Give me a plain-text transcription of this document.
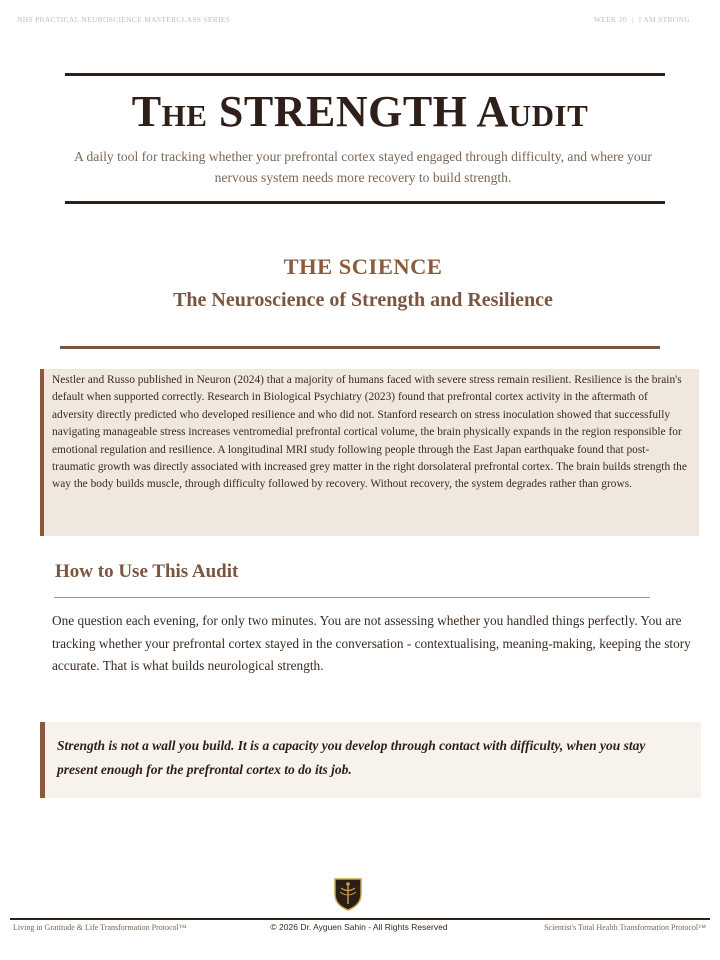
NHS PRACTICAL NEUROSCIENCE MASTERCLASS SERIES	WEEK 20 | I AM STRONG
The STRENGTH Audit

A daily tool for tracking whether your prefrontal cortex stayed engaged through difficulty, and where your nervous system needs more recovery to build strength.

THE SCIENCE
The Neuroscience of Strength and Resilience

Nestler and Russo published in Neuron (2024) that a majority of humans faced with severe stress remain resilient. Resilience is the brain's default when supported correctly. Research in Biological Psychiatry (2023) found that prefrontal cortex activity in the aftermath of adversity directly predicted who developed resilience and who did not. Stanford research on stress inoculation showed that successfully navigating manageable stress increases ventromedial prefrontal cortical volume, the brain physically expands in the region responsible for emotional regulation and resilience. A longitudinal MRI study following people through the East Japan earthquake found that post-traumatic growth was directly associated with increased grey matter in the right dorsolateral prefrontal cortex. The brain builds strength the way the body builds muscle, through difficulty followed by recovery. Without recovery, the system degrades rather than grows.

How to Use This Audit

One question each evening, for only two minutes. You are not assessing whether you handled things perfectly. You are tracking whether your prefrontal cortex stayed in the conversation - contextualising, meaning-making, keeping the story accurate. That is what builds neurological strength.

Strength is not a wall you build. It is a capacity you develop through contact with difficulty, when you stay present enough for the prefrontal cortex to do its job.

Living in Gratitude & Life Transformation Protocol™	© 2026 Dr. Ayguen Sahin - All Rights Reserved	Scientist's Total Health Transformation Protocol™
